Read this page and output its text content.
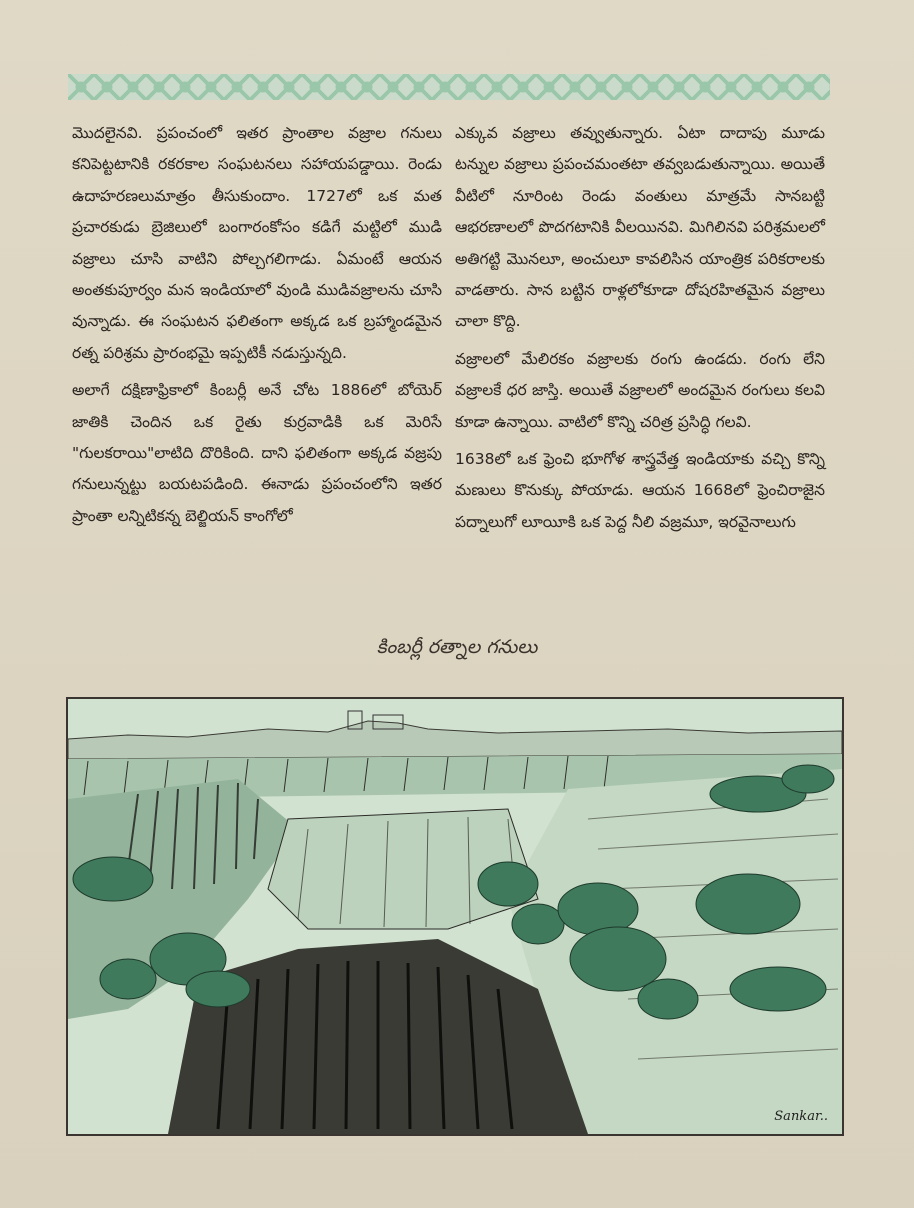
మొదలైనవి. ప్రపంచంలో ఇతర ప్రాంతాల వజ్రాల గనులు కనిపెట్టటానికి రకరకాల సంఘటనలు సహాయపడ్డాయి. రెండు ఉదాహరణలుమాత్రం తీసుకుందాం. 1727లో ఒక మత ప్రచారకుడు బ్రెజిలులో బంగారంకోసం కడిగే మట్టిలో ముడి వజ్రాలు చూసి వాటిని పోల్చగలిగాడు. ఏమంటే ఆయన అంతకుపూర్వం మన ఇండియాలో వుండి ముడివజ్రాలను చూసి వున్నాడు. ఈ సంఘటన ఫలితంగా అక్కడ ఒక బ్రహ్మాండమైన రత్న పరిశ్రమ ప్రారంభమై ఇప్పటికీ నడుస్తున్నది.

అలాగే దక్షిణాఫ్రికాలో కింబర్లీ అనే చోట 1886లో బోయెర్ జాతికి చెందిన ఒక రైతు కుర్రవాడికి ఒక మెరిసే "గులకరాయి"లాటిది దొరికింది. దాని ఫలితంగా అక్కడ వజ్రపు గనులున్నట్టు బయటపడింది. ఈనాడు ప్రపంచంలోని ఇతర ప్రాంతా లన్నిటికన్న బెల్జియన్ కాంగోలో

ఎక్కువ వజ్రాలు తవ్వుతున్నారు. ఏటా దాదాపు మూడు టన్నుల వజ్రాలు ప్రపంచమంతటా తవ్వబడుతున్నాయి. అయితే వీటిలో నూరింట రెండు వంతులు మాత్రమే సానబట్టి ఆభరణాలలో పొదగటానికి వీలయినవి. మిగిలినవి పరిశ్రమలలో అతిగట్టి మొనలూ, అంచులూ కావలిసిన యాంత్రిక పరికరాలకు వాడతారు. సాన బట్టిన రాళ్లలోకూడా దోషరహితమైన వజ్రాలు చాలా కొద్ది.

వజ్రాలలో మేలిరకం వజ్రాలకు రంగు ఉండదు. రంగు లేని వజ్రాలకే ధర జాస్తి. అయితే వజ్రాలలో అందమైన రంగులు కలవి కూడా ఉన్నాయి. వాటిలో కొన్ని చరిత్ర ప్రసిద్ధి గలవి.

1638లో ఒక ఫ్రెంచి భూగోళ శాస్త్రవేత్త ఇండియాకు వచ్చి కొన్ని మణులు కొనుక్కు పోయాడు. ఆయన 1668లో ఫ్రెంచిరాజైన పద్నాలుగో లూయీకి ఒక పెద్ద నీలి వజ్రమూ, ఇరవైనాలుగు

కింబర్లీ రత్నాల గనులు
Sankar..
